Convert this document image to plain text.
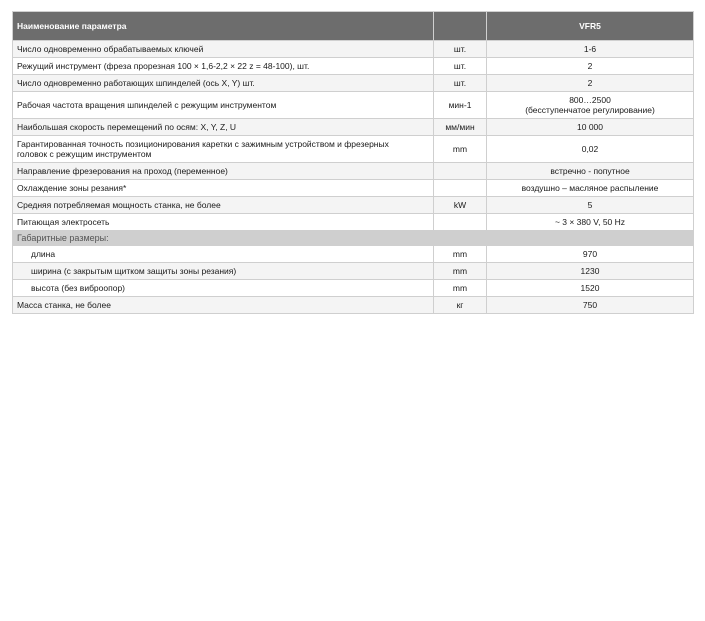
Наименование параметра		VFR5
Число одновременно обрабатываемых ключей	шт.	1-6
Режущий инструмент (фреза прорезная 100 × 1,6-2,2 × 22 z = 48-100), шт.	шт.	2
Число одновременно работающих шпинделей (ось X, Y) шт.	шт.	2
Рабочая частота вращения шпинделей с режущим инструментом	мин-1	800…2500
(бесступенчатое регулирование)
Наибольшая скорость перемещений по осям: X, Y, Z, U	мм/мин	10 000
Гарантированная точность позиционирования каретки с зажимным устройством и фрезерных
головок с режущим инструментом	mm	0,02
Направление фрезерования на проход (переменное)		встречно - попутное
Охлаждение зоны резания*		воздушно – масляное распыление
Средняя потребляемая мощность станка, не более	kW	5
Питающая электросеть		~ 3 × 380 V, 50 Hz
Габаритные размеры:		
длина	mm	970
ширина (с закрытым щитком защиты зоны резания)	mm	1230
высота (без виброопор)	mm	1520
Масса станка, не более	кг	750
